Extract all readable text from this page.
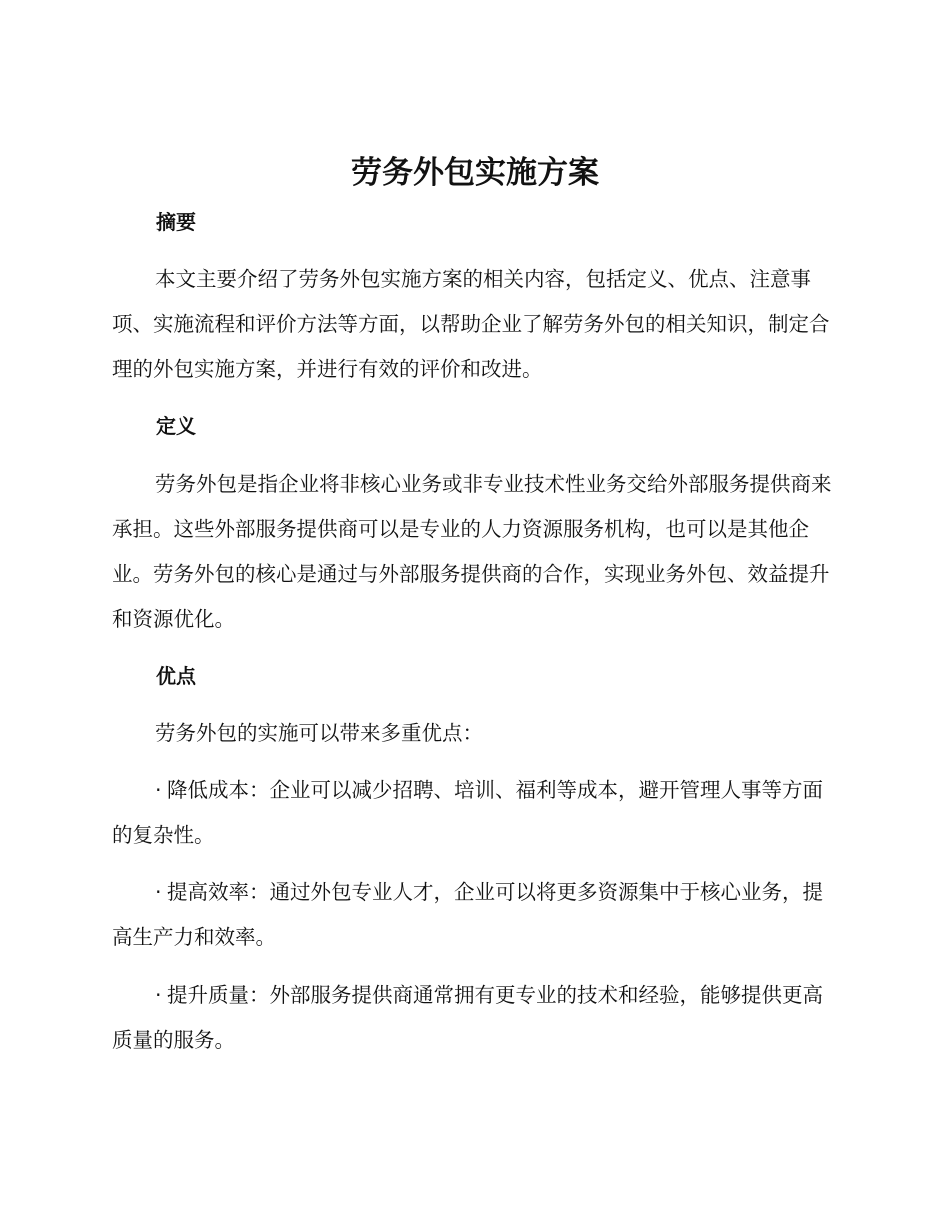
劳务外包实施方案
摘要

本文主要介绍了劳务外包实施方案的相关内容，包括定义、优点、注意事项、实施流程和评价方法等方面，以帮助企业了解劳务外包的相关知识，制定合理的外包实施方案，并进行有效的评价和改进。

定义

劳务外包是指企业将非核心业务或非专业技术性业务交给外部服务提供商来承担。这些外部服务提供商可以是专业的人力资源服务机构，也可以是其他企业。劳务外包的核心是通过与外部服务提供商的合作，实现业务外包、效益提升和资源优化。

优点

劳务外包的实施可以带来多重优点：

· 降低成本：企业可以减少招聘、培训、福利等成本，避开管理人事等方面的复杂性。

· 提高效率：通过外包专业人才，企业可以将更多资源集中于核心业务，提高生产力和效率。

· 提升质量：外部服务提供商通常拥有更专业的技术和经验，能够提供更高质量的服务。
